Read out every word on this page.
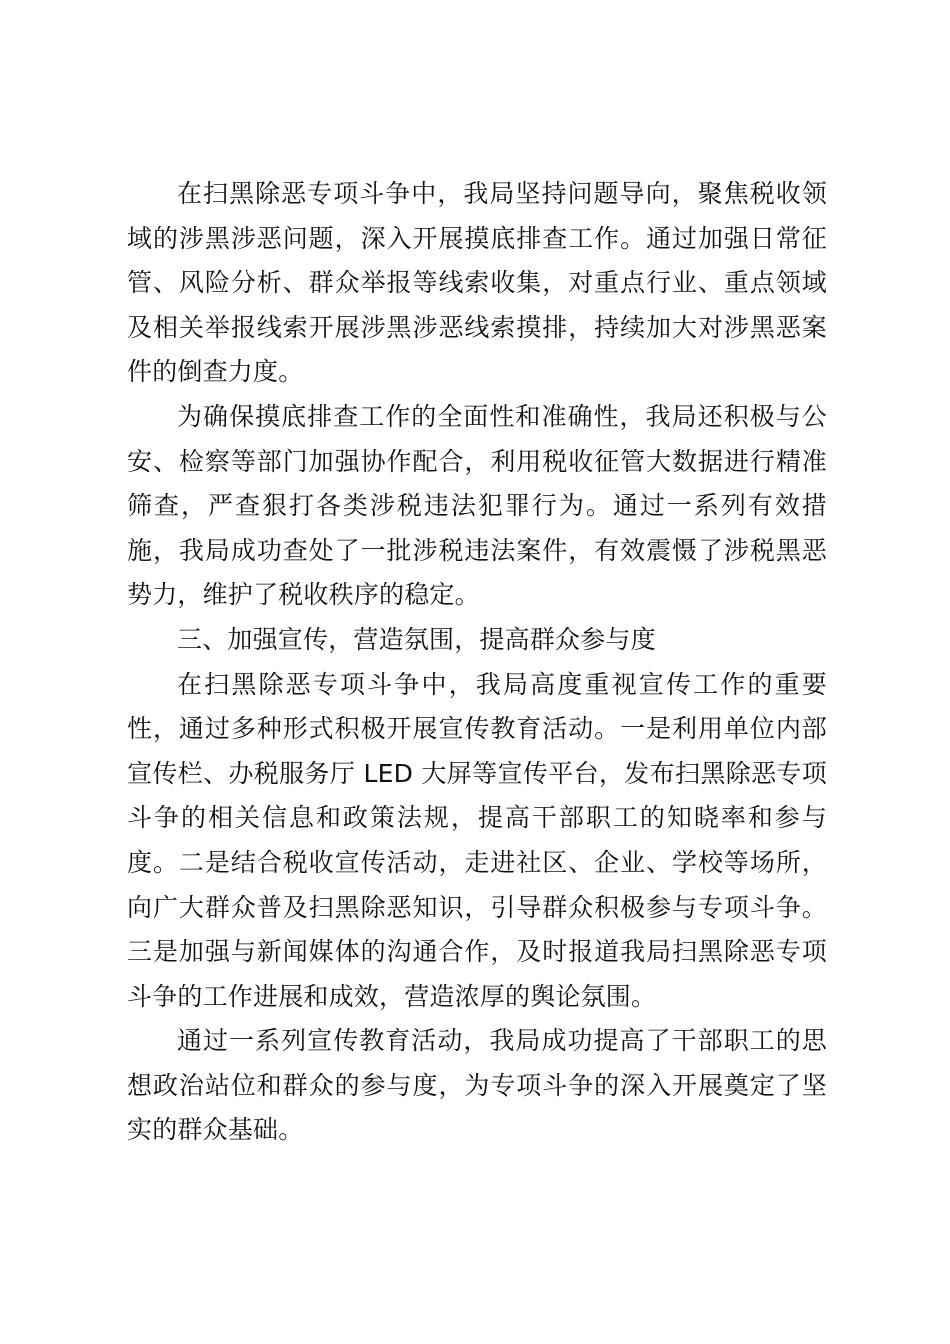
在扫黑除恶专项斗争中，我局坚持问题导向，聚焦税收领域的涉黑涉恶问题，深入开展摸底排查工作。通过加强日常征管、风险分析、群众举报等线索收集，对重点行业、重点领域及相关举报线索开展涉黑涉恶线索摸排，持续加大对涉黑恶案件的倒查力度。

为确保摸底排查工作的全面性和准确性，我局还积极与公安、检察等部门加强协作配合，利用税收征管大数据进行精准筛查，严查狠打各类涉税违法犯罪行为。通过一系列有效措施，我局成功查处了一批涉税违法案件，有效震慑了涉税黑恶势力，维护了税收秩序的稳定。

三、加强宣传，营造氛围，提高群众参与度

在扫黑除恶专项斗争中，我局高度重视宣传工作的重要性，通过多种形式积极开展宣传教育活动。一是利用单位内部宣传栏、办税服务厅 LED 大屏等宣传平台，发布扫黑除恶专项斗争的相关信息和政策法规，提高干部职工的知晓率和参与度。二是结合税收宣传活动，走进社区、企业、学校等场所，向广大群众普及扫黑除恶知识，引导群众积极参与专项斗争。三是加强与新闻媒体的沟通合作，及时报道我局扫黑除恶专项斗争的工作进展和成效，营造浓厚的舆论氛围。

通过一系列宣传教育活动，我局成功提高了干部职工的思想政治站位和群众的参与度，为专项斗争的深入开展奠定了坚实的群众基础。
